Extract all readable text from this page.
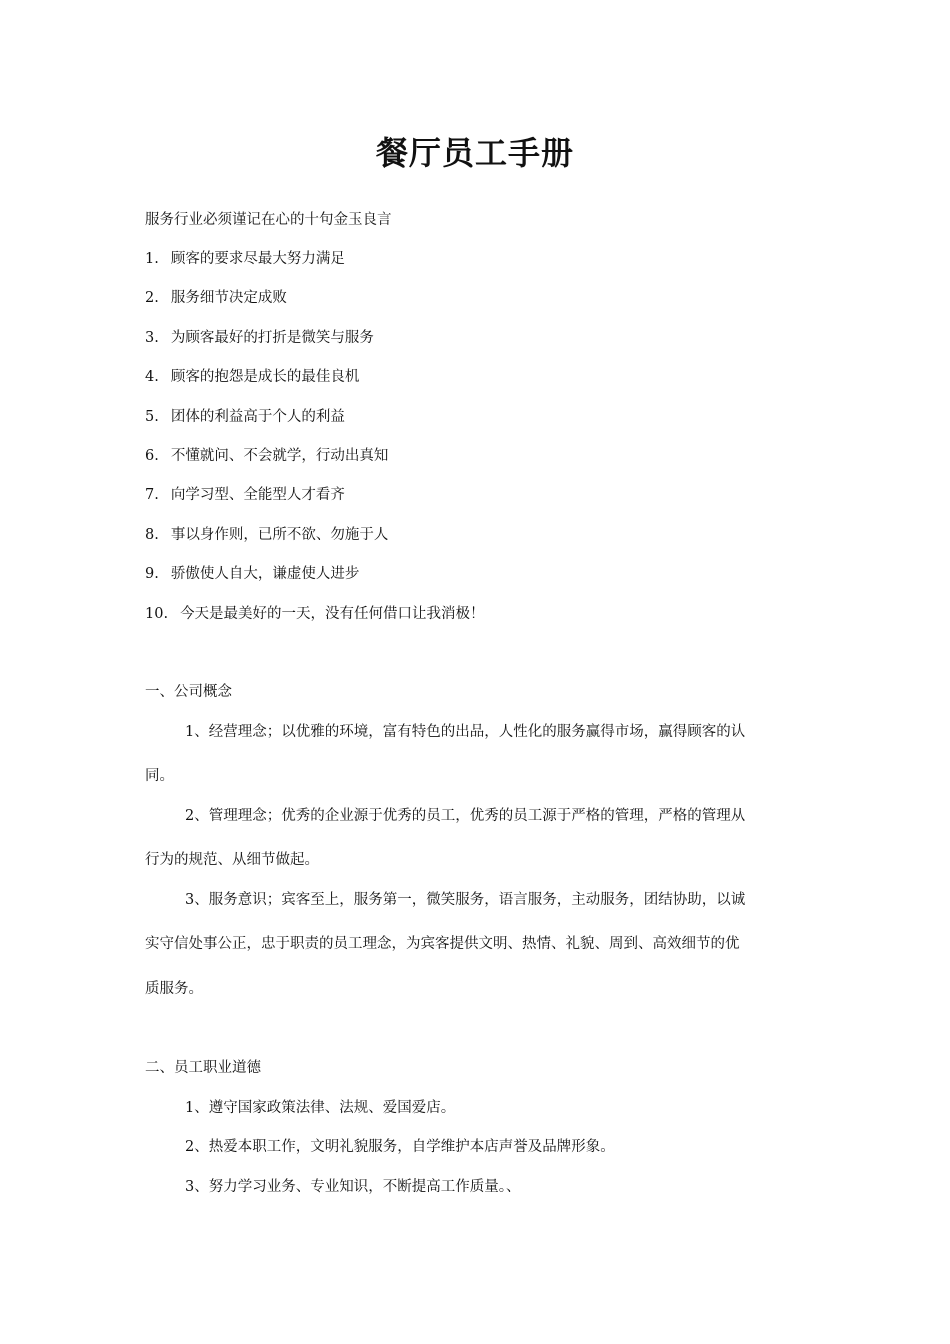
餐厅员工手册
服务行业必须谨记在心的十句金玉良言
1. 顾客的要求尽最大努力满足
2. 服务细节决定成败
3. 为顾客最好的打折是微笑与服务
4. 顾客的抱怨是成长的最佳良机
5. 团体的利益高于个人的利益
6. 不懂就问、不会就学，行动出真知
7. 向学习型、全能型人才看齐
8. 事以身作则，已所不欲、勿施于人
9. 骄傲使人自大，谦虚使人进步
10. 今天是最美好的一天，没有任何借口让我消极！
一、公司概念
1、经营理念；以优雅的环境，富有特色的出品，人性化的服务赢得市场，赢得顾客的认
同。
2、管理理念；优秀的企业源于优秀的员工，优秀的员工源于严格的管理，严格的管理从
行为的规范、从细节做起。
3、服务意识；宾客至上，服务第一，微笑服务，语言服务，主动服务，团结协助，以诚
实守信处事公正，忠于职责的员工理念，为宾客提供文明、热情、礼貌、周到、高效细节的优
质服务。
二、员工职业道德
1、遵守国家政策法律、法规、爱国爱店。
2、热爱本职工作，文明礼貌服务，自学维护本店声誉及品牌形象。
3、努力学习业务、专业知识，不断提高工作质量。、
